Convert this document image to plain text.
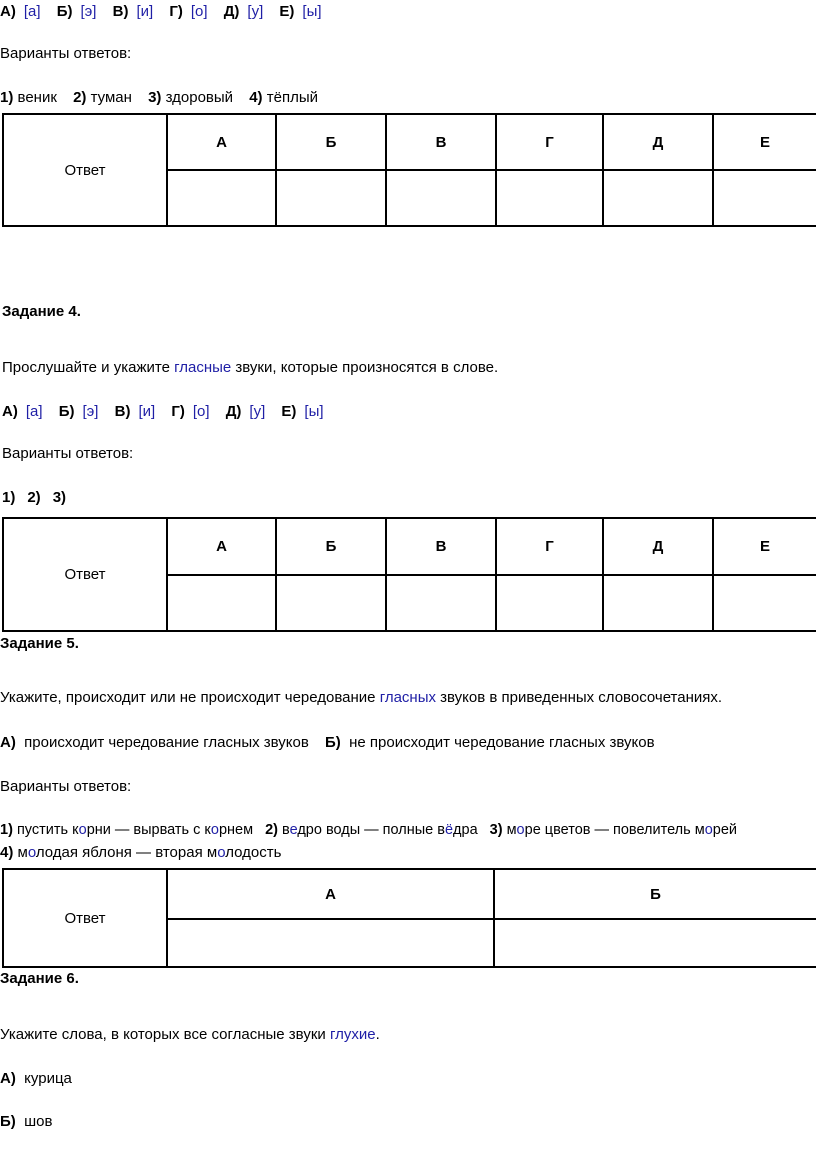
А) [а] Б) [э] В) [и] Г) [о] Д) [у] Е) [ы]
Варианты ответов:
1) веник 2) туман 3) здоровый 4) тёплый
Ответ	А	Б	В	Г	Д	Е

Задание 4.
Прослушайте и укажите гласные звуки, которые произносятся в слове.
А) [а] Б) [э] В) [и] Г) [о] Д) [у] Е) [ы]
Варианты ответов:
1) 2) 3)
Ответ	А	Б	В	Г	Д	Е

Задание 5.
Укажите, происходит или не происходит чередование гласных звуков в приведенных словосочетаниях.
А) происходит чередование гласных звуков Б) не происходит чередование гласных звуков
Варианты ответов:
1) пустить корни — вырвать с корнем 2) ведро воды — полные вёдра 3) море цветов — повелитель морей
4) молодая яблоня — вторая молодость
Ответ	А	Б

Задание 6.
Укажите слова, в которых все согласные звуки глухие.
А) курица
Б) шов
